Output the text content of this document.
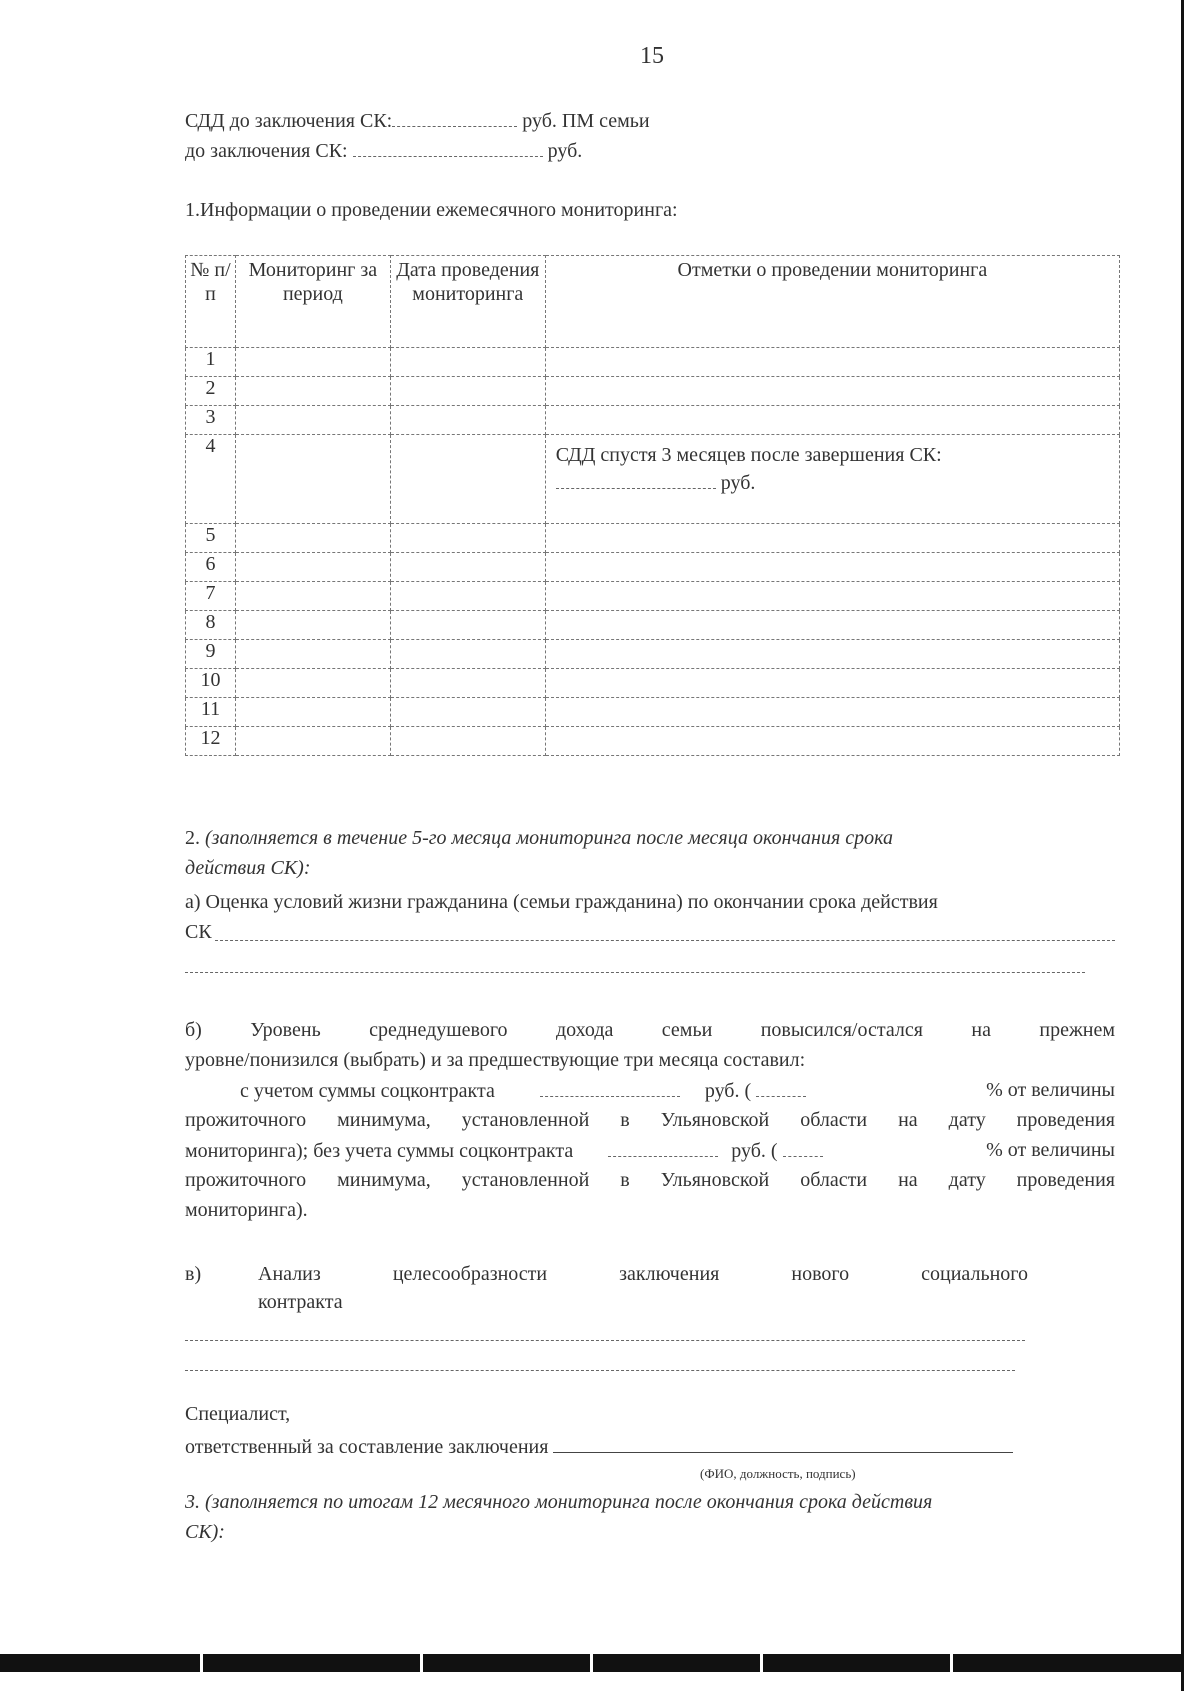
15
СДД до заключения СК:	руб. ПМ семьи
до заключения СК:	руб.
1.Информации о проведении ежемесячного мониторинга:
№ п/п	Мониторинг за период	Дата проведения мониторинга	Отметки о проведении мониторинга
1			
2			
3			
4			СДД спустя 3 месяцев после завершения СК:
руб.

5			
6			
7			
8			
9			
10			
11			
12			
2. (заполняется в течение 5-го месяца мониторинга после месяца окончания срока
действия СК):
а) Оценка условий жизни гражданина (семьи гражданина) по окончании срока действия
СК
б) Уровень среднедушевого дохода семьи повысился/остался на прежнем
уровне/понизился (выбрать) и за предшествующие три месяца составил:
с учетом суммы соцконтракта	руб. (	% от величины
прожиточного минимума, установленной в Ульяновской области на дату проведения
мониторинга); без учета суммы соцконтракта	руб. (	% от величины
прожиточного минимума, установленной в Ульяновской области на дату проведения
мониторинга).
в)	Анализ целесообразности заключения нового социального
контракта
Специалист,
ответственный за составление заключения
(ФИО, должность, подпись)
3. (заполняется по итогам 12 месячного мониторинга после окончания срока действия
СК):
